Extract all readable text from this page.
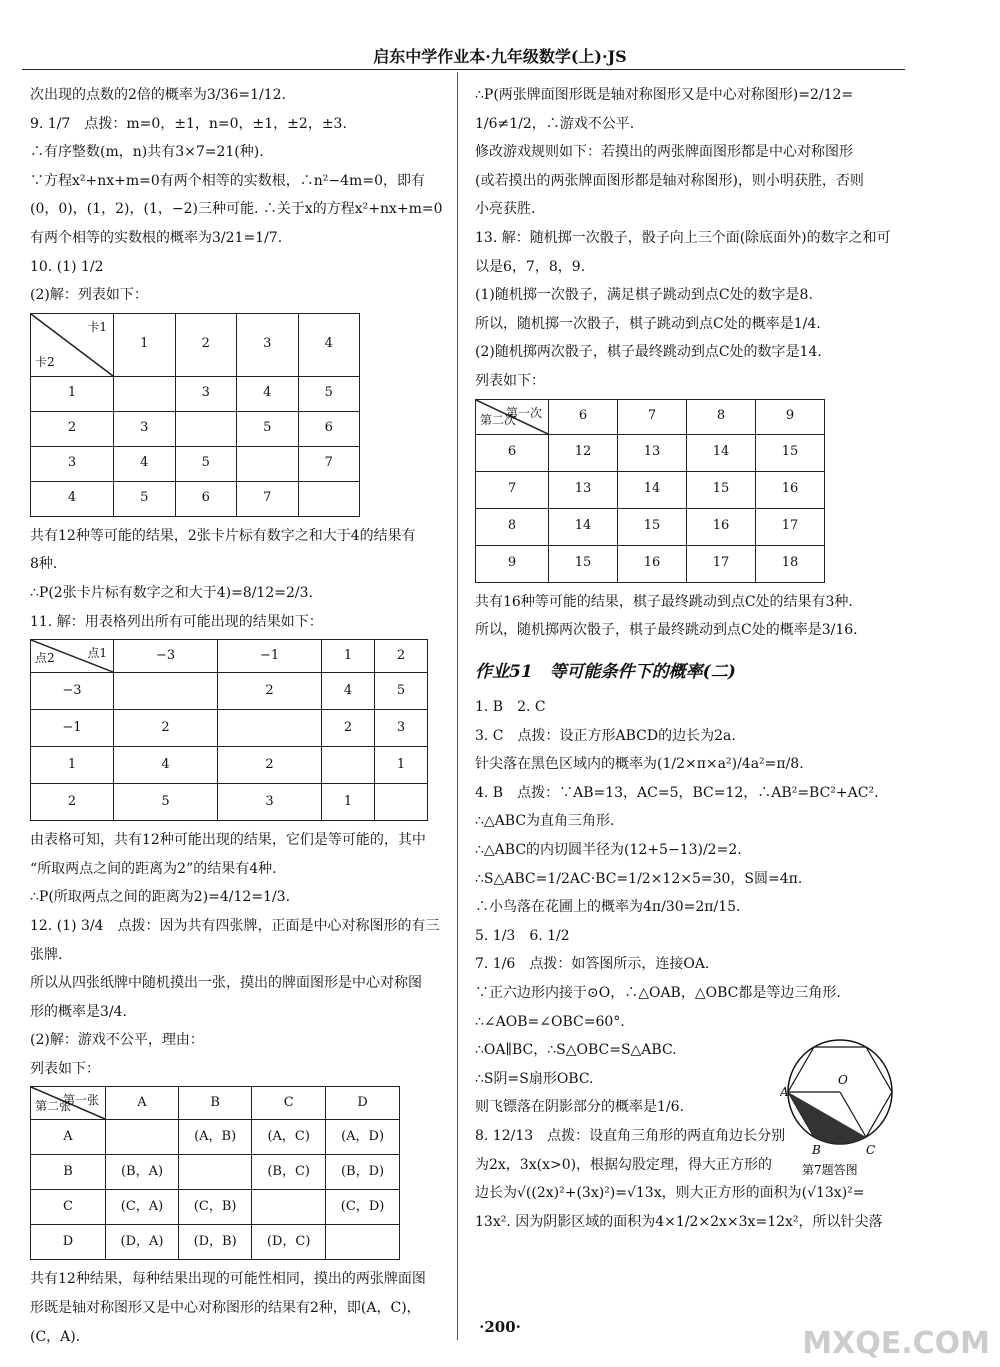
启东中学作业本·九年级数学(上)·JS
次出现的点数的2倍的概率为3/36=1/12.
9. 1/7　点拨：m=0，±1，n=0，±1，±2，±3.
∴有序整数(m，n)共有3×7=21(种).
∵方程x²+nx+m=0有两个相等的实数根，∴n²−4m=0，即有
(0，0)，(1，2)，(1，−2)三种可能. ∴关于x的方程x²+nx+m=0
有两个相等的实数根的概率为3/21=1/7.
10. (1) 1/2
(2)解：列表如下：
卡1
卡2	1	2	3	4
1		3	4	5
2	3		5	6
3	4	5		7
4	5	6	7	
共有12种等可能的结果，2张卡片标有数字之和大于4的结果有
8种.
∴P(2张卡片标有数字之和大于4)=8/12=2/3.
11. 解：用表格列出所有可能出现的结果如下：
点1
点2	−3	−1	1	2
−3		2	4	5
−1	2		2	3
1	4	2		1
2	5	3	1	
由表格可知，共有12种可能出现的结果，它们是等可能的，其中
“所取两点之间的距离为2”的结果有4种.
∴P(所取两点之间的距离为2)=4/12=1/3.
12. (1) 3/4　点拨：因为共有四张牌，正面是中心对称图形的有三
张牌.
所以从四张纸牌中随机摸出一张，摸出的牌面图形是中心对称图
形的概率是3/4.
(2)解：游戏不公平，理由：
列表如下：
第一张
第二张	A	B	C	D
A		(A，B)	(A，C)	(A，D)
B	(B，A)		(B，C)	(B，D)
C	(C，A)	(C，B)		(C，D)
D	(D，A)	(D，B)	(D，C)	
共有12种结果，每种结果出现的可能性相同，摸出的两张牌面图
形既是轴对称图形又是中心对称图形的结果有2种，即(A，C)，
(C，A).
∴P(两张牌面图形既是轴对称图形又是中心对称图形)=2/12=
1/6≠1/2，∴游戏不公平.
修改游戏规则如下：若摸出的两张牌面图形都是中心对称图形
(或若摸出的两张牌面图形都是轴对称图形)，则小明获胜，否则
小亮获胜.
13. 解：随机掷一次骰子，骰子向上三个面(除底面外)的数字之和可
以是6，7，8，9.
(1)随机掷一次骰子，满足棋子跳动到点C处的数字是8.
所以，随机掷一次骰子，棋子跳动到点C处的概率是1/4.
(2)随机掷两次骰子，棋子最终跳动到点C处的数字是14.
列表如下：
第一次
第二次	6	7	8	9
6	12	13	14	15
7	13	14	15	16
8	14	15	16	17
9	15	16	17	18
共有16种等可能的结果，棋子最终跳动到点C处的结果有3种.
所以，随机掷两次骰子，棋子最终跳动到点C处的概率是3/16.
作业51　等可能条件下的概率(二)
1. B　2. C
3. C　点拨：设正方形ABCD的边长为2a.
针尖落在黑色区域内的概率为(1/2×π×a²)/4a²=π/8.
4. B　点拨：∵AB=13，AC=5，BC=12，∴AB²=BC²+AC².
∴△ABC为直角三角形.
∴△ABC的内切圆半径为(12+5−13)/2=2.
∴S△ABC=1/2AC·BC=1/2×12×5=30，S圆=4π.
∴小鸟落在花圃上的概率为4π/30=2π/15.
5. 1/3　6. 1/2
7. 1/6　点拨：如答图所示，连接OA.
∵正六边形内接于⊙O，∴△OAB，△OBC都是等边三角形.
∴∠AOB=∠OBC=60°.
∴OA∥BC，∴S△OBC=S△ABC.
∴S阴=S扇形OBC.
则飞镖落在阴影部分的概率是1/6.
8. 12/13　点拨：设直角三角形的两直角边长分别
为2x，3x(x>0)，根据勾股定理，得大正方形的
边长为√((2x)²+(3x)²)=√13x，则大正方形的面积为(√13x)²=
13x². 因为阴影区域的面积为4×1/2×2x×3x=12x²，所以针尖落
A
O
B	C
第7题答图
·200·	MXQE.COM
